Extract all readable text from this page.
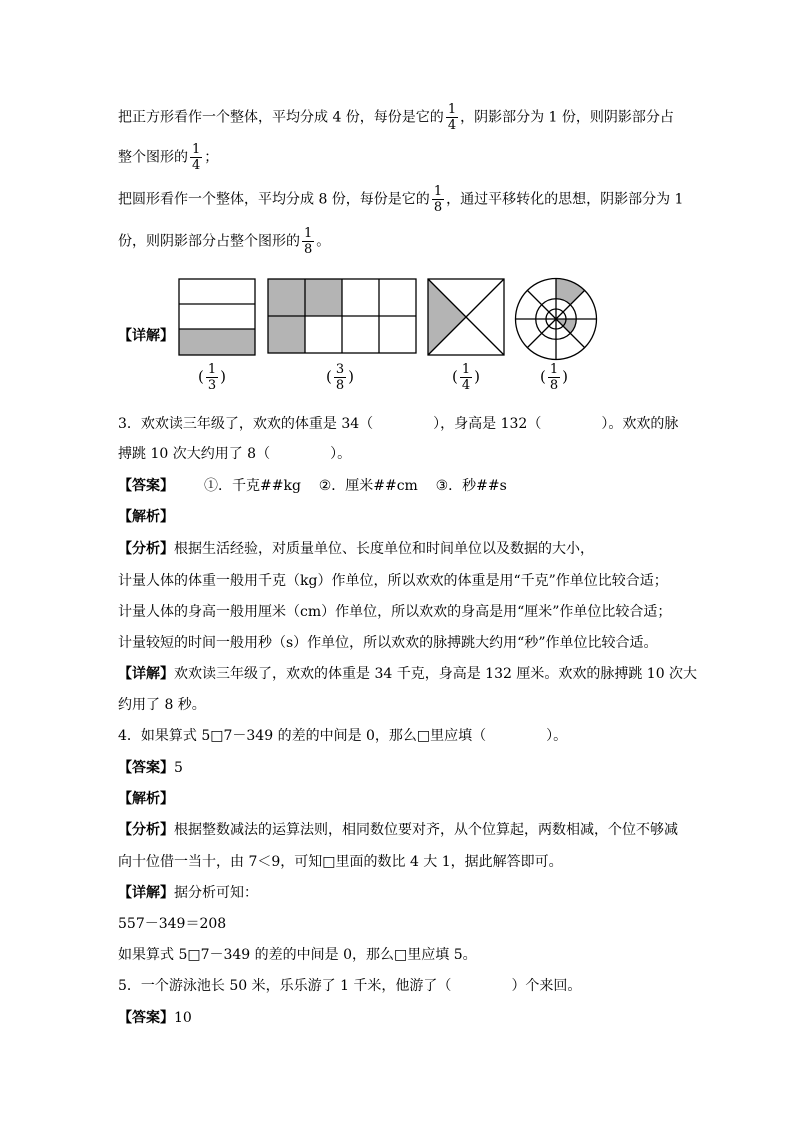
把正方形看作一个整体，平均分成 4 份，每份是它的 $\frac{1}{4}$ ，阴影部分为 1 份，则阴影部分占
整个图形的 $\frac{1}{4}$ ；
把圆形看作一个整体，平均分成 8 份，每份是它的 $\frac{1}{8}$ ，通过平移转化的思想，阴影部分为 1
份，则阴影部分占整个图形的 $\frac{1}{8}$ 。
【详解】
( $\frac{1}{3}$ )	( $\frac{3}{8}$ )	( $\frac{1}{4}$ )	( $\frac{1}{8}$ )
3．欢欢读三年级了，欢欢的体重是 34（	），身高是 132（	）。欢欢的脉
搏跳 10 次大约用了 8（	）。
【答案】 ①．千克##kg    ②．厘米##cm    ③．秒##s
【解析】
【分析】根据生活经验，对质量单位、长度单位和时间单位以及数据的大小，
计量人体的体重一般用千克（kg）作单位，所以欢欢的体重是用“千克”作单位比较合适；
计量人体的身高一般用厘米（cm）作单位，所以欢欢的身高是用“厘米”作单位比较合适；
计量较短的时间一般用秒（s）作单位，所以欢欢的脉搏跳大约用“秒”作单位比较合适。
【详解】欢欢读三年级了，欢欢的体重是 34 千克，身高是 132 厘米。欢欢的脉搏跳 10 次大
约用了 8 秒。
4．如果算式 5□7－349 的差的中间是 0，那么□里应填（	）。
【答案】5
【解析】
【分析】根据整数减法的运算法则，相同数位要对齐，从个位算起，两数相减，个位不够减
向十位借一当十，由 7＜9，可知□里面的数比 4 大 1，据此解答即可。
【详解】据分析可知：
557－349＝208
如果算式 5□7－349 的差的中间是 0，那么□里应填 5。
5．一个游泳池长 50 米，乐乐游了 1 千米，他游了（	）个来回。
【答案】10
